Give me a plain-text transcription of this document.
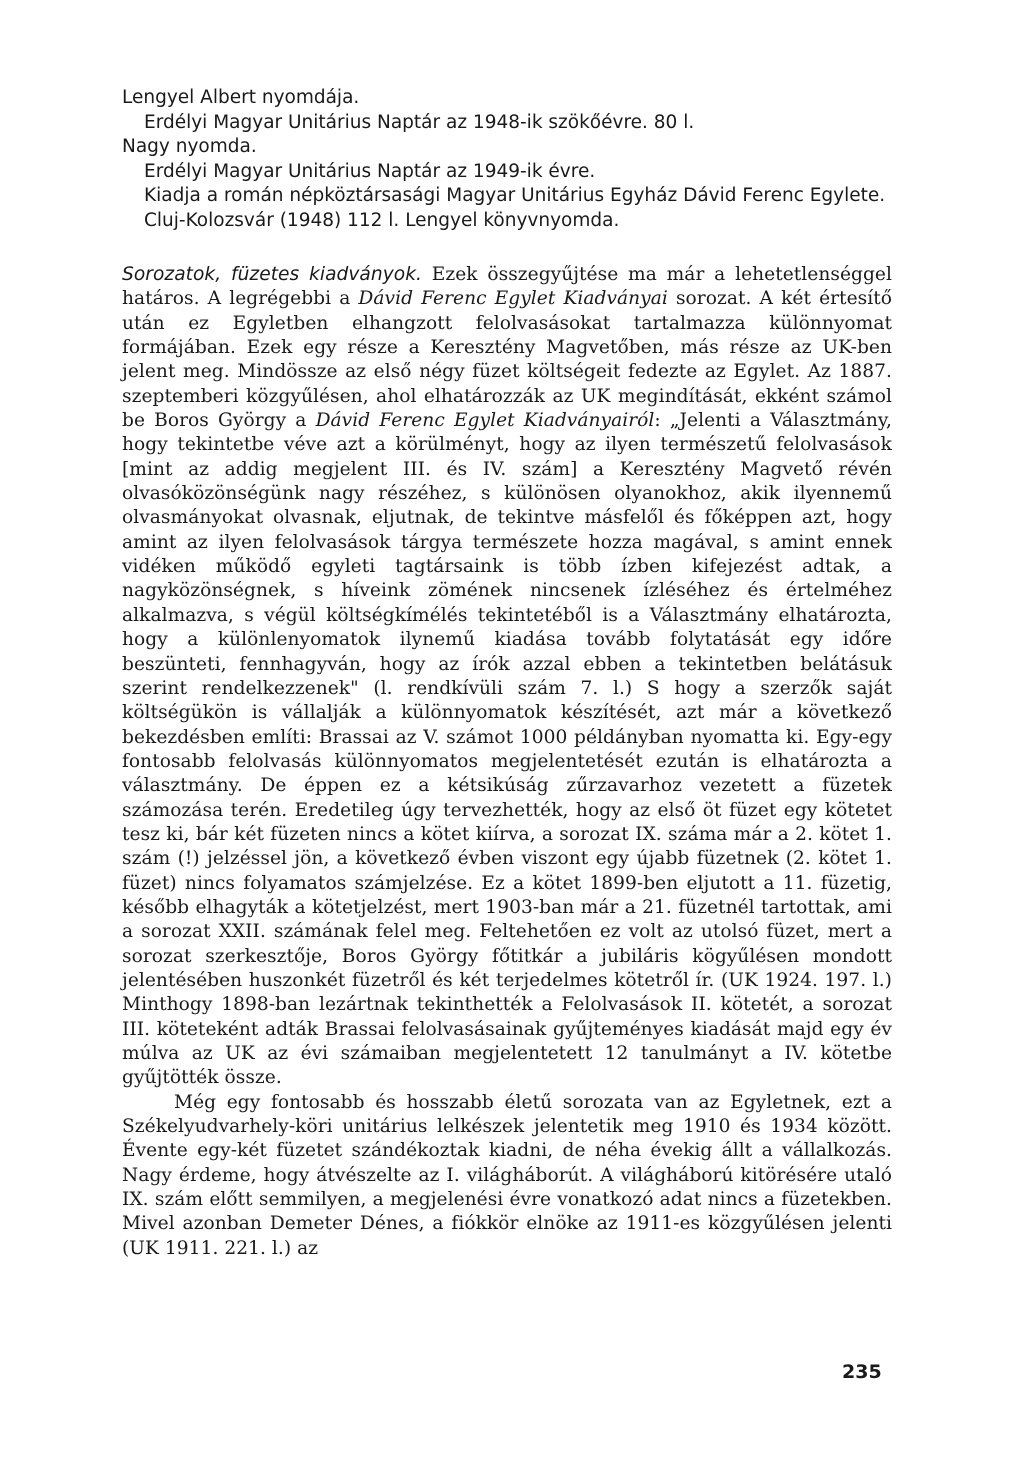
Lengyel Albert nyomdája.
Erdélyi Magyar Unitárius Naptár az 1948-ik szökőévre. 80 l.
Nagy nyomda.
Erdélyi Magyar Unitárius Naptár az 1949-ik évre.
Kiadja a román népköztársasági Magyar Unitárius Egyház Dávid Ferenc Egylete. Cluj-Kolozsvár (1948) 112 l. Lengyel könyvnyomda.

Sorozatok, füzetes kiadványok. Ezek összegyűjtése ma már a lehetetlenséggel határos. A legrégebbi a Dávid Ferenc Egylet Kiadványai sorozat. A két értesítő után ez Egyletben elhangzott felolvasásokat tartalmazza különnyomat formájában. Ezek egy része a Keresztény Magvetőben, más része az UK-ben jelent meg. Mindössze az első négy füzet költségeit fedezte az Egylet. Az 1887. szeptemberi közgyűlésen, ahol elhatározzák az UK megindítását, ekként számol be Boros György a Dávid Ferenc Egylet Kiadványairól: „Jelenti a Választmány, hogy tekintetbe véve azt a körülményt, hogy az ilyen természetű felolvasások [mint az addig megjelent III. és IV. szám] a Keresztény Magvető révén olvasóközönségünk nagy részéhez, s különösen olyanokhoz, akik ilyennemű olvasmányokat olvasnak, eljutnak, de tekintve másfelől és főképpen azt, hogy amint az ilyen felolvasások tárgya természete hozza magával, s amint ennek vidéken működő egyleti tagtársaink is több ízben kifejezést adtak, a nagyközönségnek, s híveink zömének nincsenek ízléséhez és értelméhez alkalmazva, s végül költségkímélés tekintetéből is a Választmány elhatározta, hogy a különlenyomatok ilynemű kiadása tovább folytatását egy időre beszünteti, fennhagyván, hogy az írók azzal ebben a tekintetben belátásuk szerint rendelkezzenek" (l. rendkívüli szám 7. l.) S hogy a szerzők saját költségükön is vállalják a különnyomatok készítését, azt már a következő bekezdésben említi: Brassai az V. számot 1000 példányban nyomatta ki. Egy-egy fontosabb felolvasás különnyomatos megjelentetését ezután is elhatározta a választmány. De éppen ez a kétsikúság zűrzavarhoz vezetett a füzetek számozása terén. Eredetileg úgy tervezhették, hogy az első öt füzet egy kötetet tesz ki, bár két füzeten nincs a kötet kiírva, a sorozat IX. száma már a 2. kötet 1. szám (!) jelzéssel jön, a következő évben viszont egy újabb füzetnek (2. kötet 1. füzet) nincs folyamatos számjelzése. Ez a kötet 1899-ben eljutott a 11. füzetig, később elhagyták a kötetjelzést, mert 1903-ban már a 21. füzetnél tartottak, ami a sorozat XXII. számának felel meg. Feltehetően ez volt az utolsó füzet, mert a sorozat szerkesztője, Boros György főtitkár a jubiláris kögyűlésen mondott jelentésében huszonkét füzetről és két terjedelmes kötetről ír. (UK 1924. 197. l.) Minthogy 1898-ban lezártnak tekinthették a Felolvasások II. kötetét, a sorozat III. köteteként adták Brassai felolvasásainak gyűjteményes kiadását majd egy év múlva az UK az évi számaiban megjelentetett 12 tanulmányt a IV. kötetbe gyűjtötték össze.

Még egy fontosabb és hosszabb életű sorozata van az Egyletnek, ezt a Székelyudvarhely-köri unitárius lelkészek jelentetik meg 1910 és 1934 között. Évente egy-két füzetet szándékoztak kiadni, de néha évekig állt a vállalkozás. Nagy érdeme, hogy átvészelte az I. világháborút. A világháború kitörésére utaló IX. szám előtt semmilyen, a megjelenési évre vonatkozó adat nincs a füzetekben. Mivel azonban Demeter Dénes, a fiókkör elnöke az 1911-es közgyűlésen jelenti (UK 1911. 221. l.) az

235
